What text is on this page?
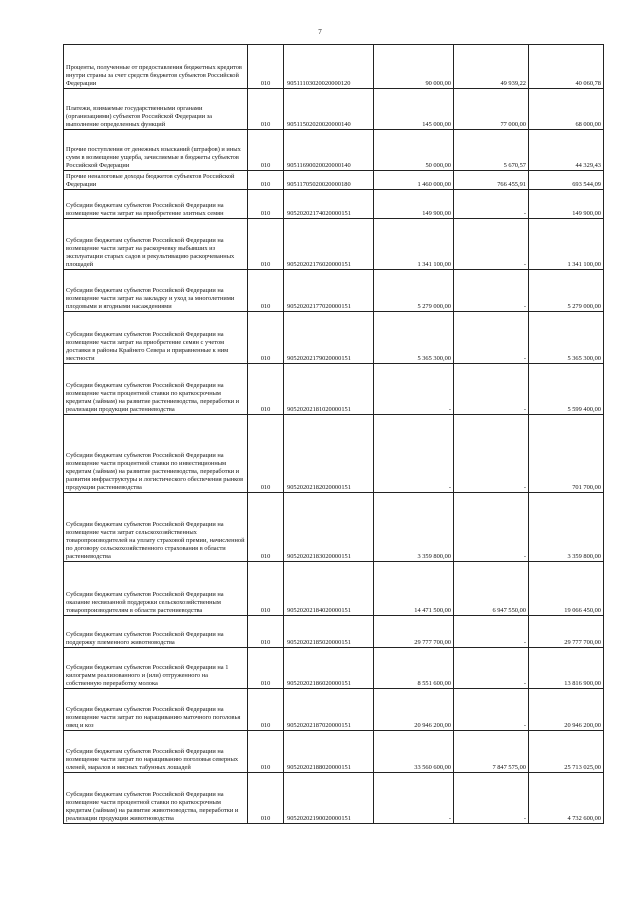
7
Проценты, полученные от предоставления бюджетных кредитов внутри страны за счет средств бюджетов субъектов Российской Федерации	010	90511103020020000120	90 000,00	49 939,22	40 060,78
Платежи, взимаемые государственными органами (организациями) субъектов Российской Федерации за выполнение определенных функций	010	90511502020020000140	145 000,00	77 000,00	68 000,00
Прочие поступления от денежных взысканий (штрафов) и иных сумм в возмещение ущерба, зачисляемые в бюджеты субъектов Российской Федерации	010	90511690020020000140	50 000,00	5 670,57	44 329,43
Прочие неналоговые доходы бюджетов субъектов Российской Федерации	010	90511705020020000180	1 460 000,00	766 455,91	693 544,09
Субсидии бюджетам субъектов Российской Федерации на возмещение части затрат на приобретение элитных семян	010	90520202174020000151	149 900,00	-	149 900,00
Субсидии бюджетам субъектов Российской Федерации на возмещение части затрат на раскорчевку выбывших из эксплуатации старых садов и рекультивацию раскорчеванных площадей	010	90520202176020000151	1 341 100,00	-	1 341 100,00
Субсидии бюджетам субъектов Российской Федерации на возмещение части затрат на закладку и уход за многолетними плодовыми и ягодными насаждениями	010	90520202177020000151	5 279 000,00	-	5 279 000,00
Субсидии бюджетам субъектов Российской Федерации на возмещение части затрат на приобретение семян с учетом доставки в районы Крайнего Севера и приравненные к ним местности	010	90520202179020000151	5 365 300,00	-	5 365 300,00
Субсидии бюджетам субъектов Российской Федерации на возмещение части процентной ставки по краткосрочным кредитам (займам) на развитие растениеводства, переработки и реализации продукции растениеводства	010	90520202181020000151	-	-	5 599 400,00
Субсидии бюджетам субъектов Российской Федерации на возмещение части процентной ставки по инвестиционным кредитам (займам) на развитие растениеводства, переработки и развития инфраструктуры и логистического обеспечения рынков продукции растениеводства	010	90520202182020000151	-	-	701 700,00
Субсидии бюджетам субъектов Российской Федерации на возмещение части затрат сельскохозяйственных товаропроизводителей на уплату страховой премии, начисленной по договору сельскохозяйственного страхования в области растениеводства	010	90520202183020000151	3 359 800,00	-	3 359 800,00
Субсидии бюджетам субъектов Российской Федерации на оказание несвязанной поддержки сельскохозяйственным товаропроизводителям в области растениеводства	010	90520202184020000151	14 471 500,00	6 947 550,00	19 066 450,00
Субсидии бюджетам субъектов Российской Федерации на поддержку племенного животноводства	010	90520202185020000151	29 777 700,00	-	29 777 700,00
Субсидии бюджетам субъектов Российской Федерации на 1 килограмм реализованного и (или) отгруженного на собственную переработку молока	010	90520202186020000151	8 551 600,00	-	13 816 900,00
Субсидии бюджетам субъектов Российской Федерации на возмещение части затрат по наращиванию маточного поголовья овец и коз	010	90520202187020000151	20 946 200,00	-	20 946 200,00
Субсидии бюджетам субъектов Российской Федерации на возмещение части затрат по наращиванию поголовья северных оленей, маралов и мясных табунных лошадей	010	90520202188020000151	33 560 600,00	7 847 575,00	25 713 025,00
Субсидии бюджетам субъектов Российской Федерации на возмещение части процентной ставки по краткосрочным кредитам (займам) на развитие животноводства, переработки и реализации продукции животноводства	010	90520202190020000151	-	-	4 732 600,00
